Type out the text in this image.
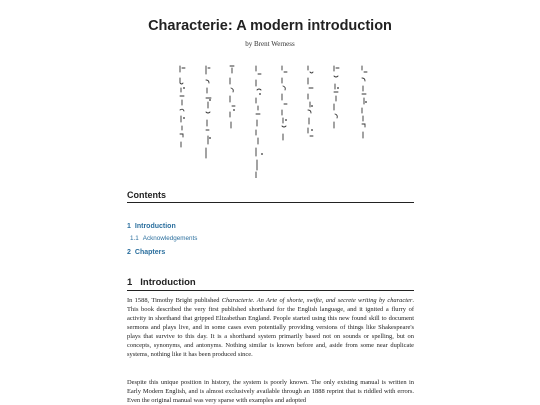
Characterie: A modern introduction
by Brent Werness
Contents
1 Introduction
1.1 Acknowledgements
2 Chapters
1 Introduction

In 1588, Timothy Bright published Characterie. An Arte of shorte, swifte, and secrete writing by character. This book described the very first published shorthand for the English language, and it ignited a flurry of activity in shorthand that gripped Elizabethan England. People started using this new found skill to document sermons and plays live, and in some cases even potentially providing versions of things like Shakespeare's plays that survive to this day. It is a shorthand system primarily based not on sounds or spelling, but on concepts, synonyms, and antonyms. Nothing similar is known before and, aside from some near duplicate systems, nothing like it has been produced since.

Despite this unique position in history, the system is poorly known. The only existing manual is written in Early Modern English, and is almost exclusively available through an 1888 reprint that is riddled with errors. Even the original manual was very sparse with examples and adopted
